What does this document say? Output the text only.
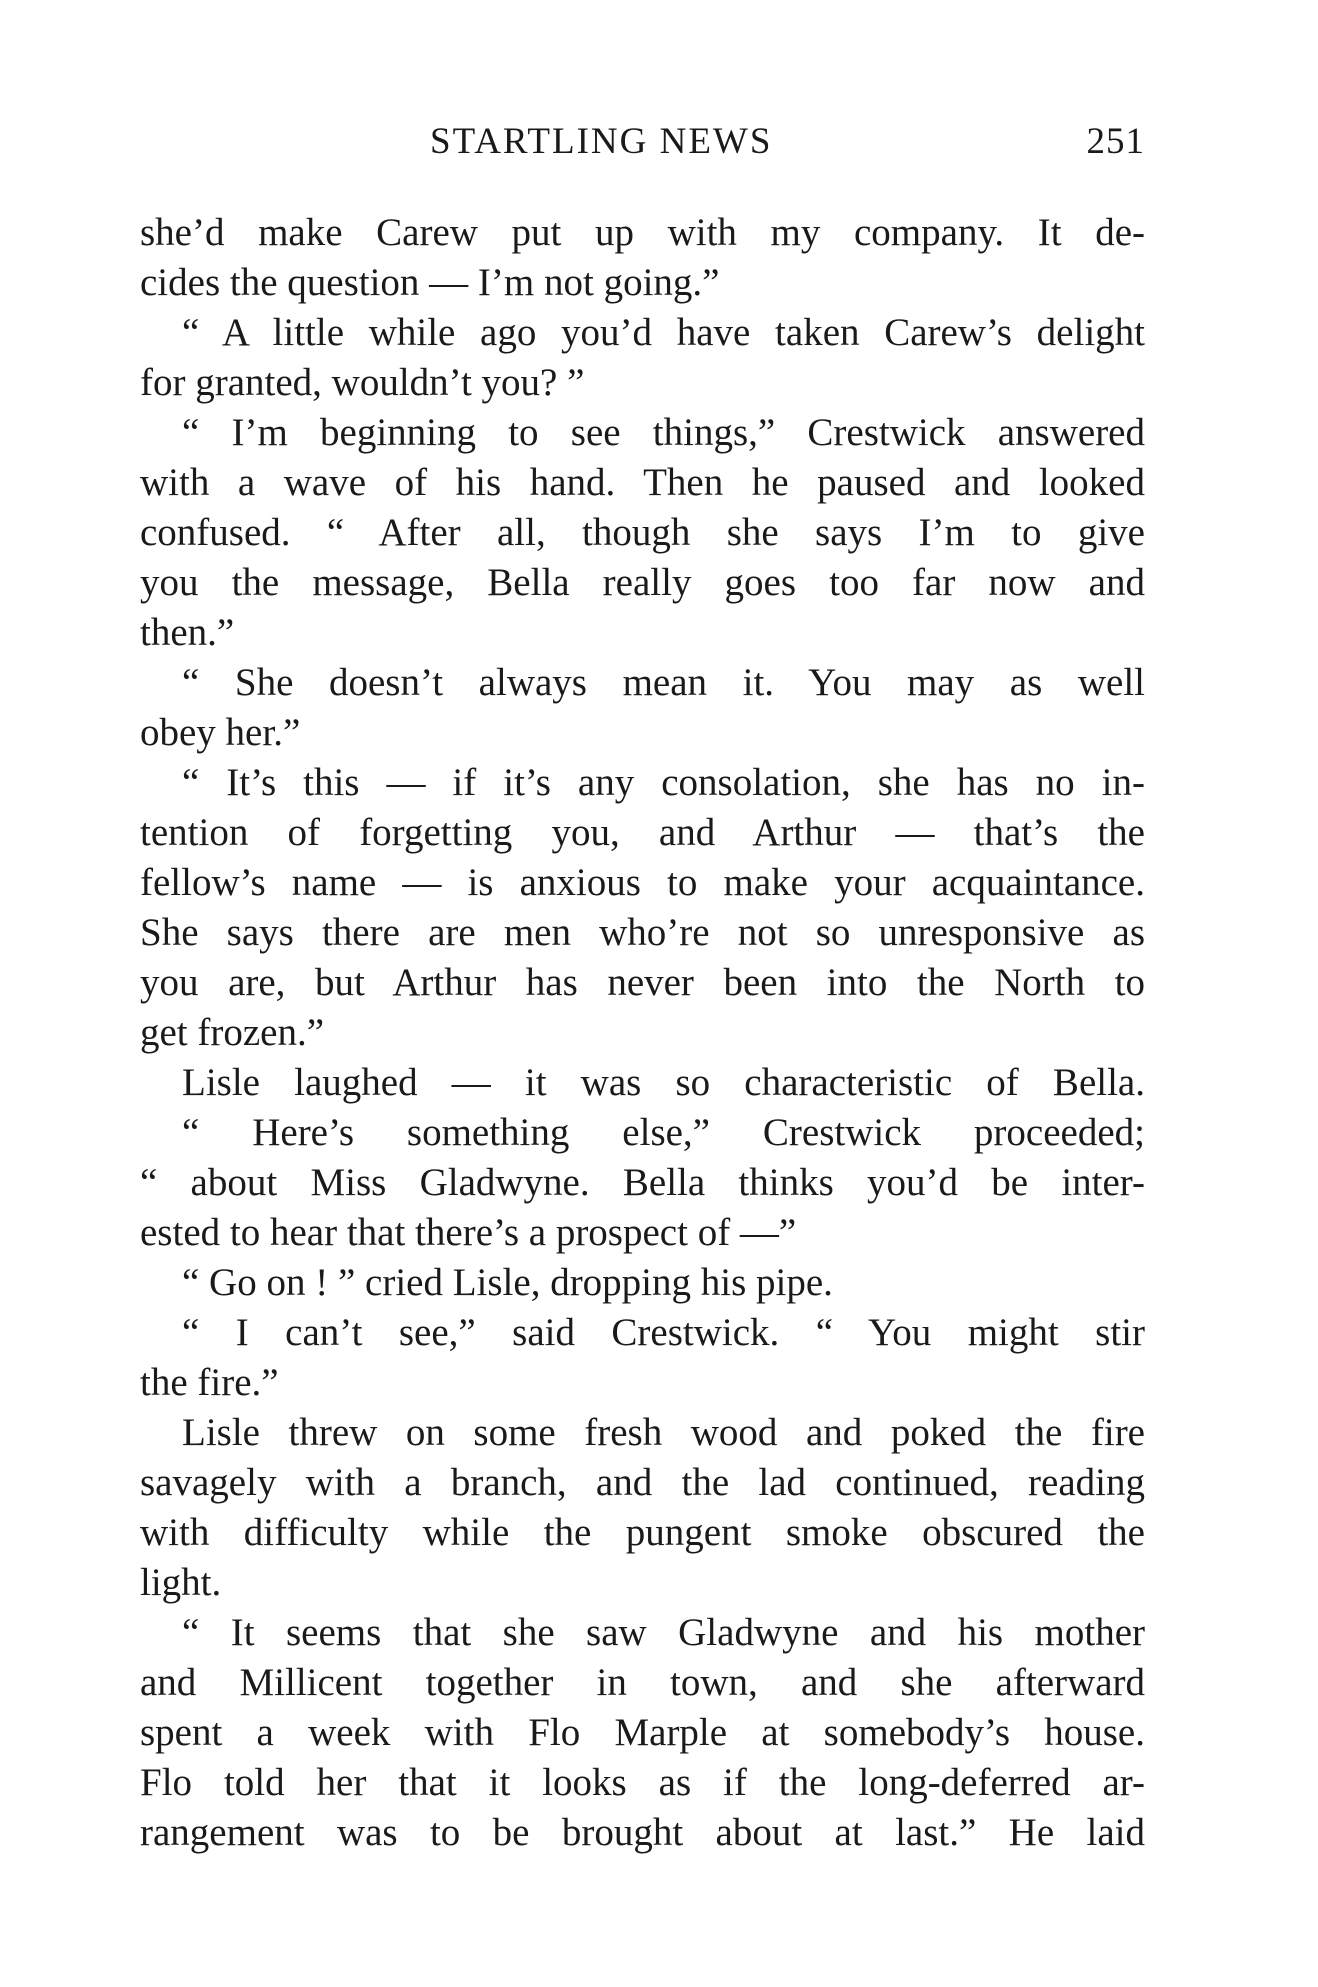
STARTLING NEWS	251
she’d make Carew put up with my company. It de-
cides the question — I’m not going.”
“ A little while ago you’d have taken Carew’s delight
for granted, wouldn’t you? ”
“ I’m beginning to see things,” Crestwick answered
with a wave of his hand. Then he paused and looked
confused. “ After all, though she says I’m to give
you the message, Bella really goes too far now and
then.”
“ She doesn’t always mean it. You may as well
obey her.”
“ It’s this — if it’s any consolation, she has no in-
tention of forgetting you, and Arthur — that’s the
fellow’s name — is anxious to make your acquaintance.
She says there are men who’re not so unresponsive as
you are, but Arthur has never been into the North to
get frozen.”
Lisle laughed — it was so characteristic of Bella.
“ Here’s something else,” Crestwick proceeded;
“ about Miss Gladwyne. Bella thinks you’d be inter-
ested to hear that there’s a prospect of —”
“ Go on ! ” cried Lisle, dropping his pipe.
“ I can’t see,” said Crestwick. “ You might stir
the fire.”
Lisle threw on some fresh wood and poked the fire
savagely with a branch, and the lad continued, reading
with difficulty while the pungent smoke obscured the
light.
“ It seems that she saw Gladwyne and his mother
and Millicent together in town, and she afterward
spent a week with Flo Marple at somebody’s house.
Flo told her that it looks as if the long-deferred ar-
rangement was to be brought about at last.” He laid
